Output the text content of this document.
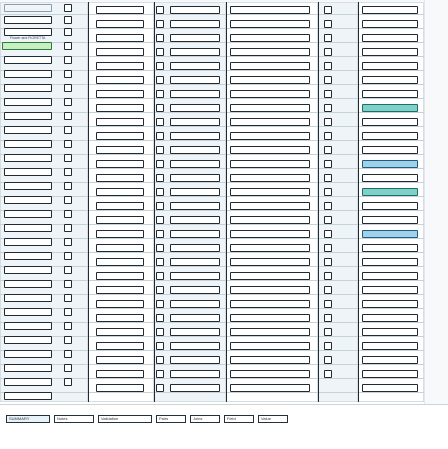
Flower and FIORETTA
SUMMARY	Notes	Validation	Pairs	Joins	Field	Value
